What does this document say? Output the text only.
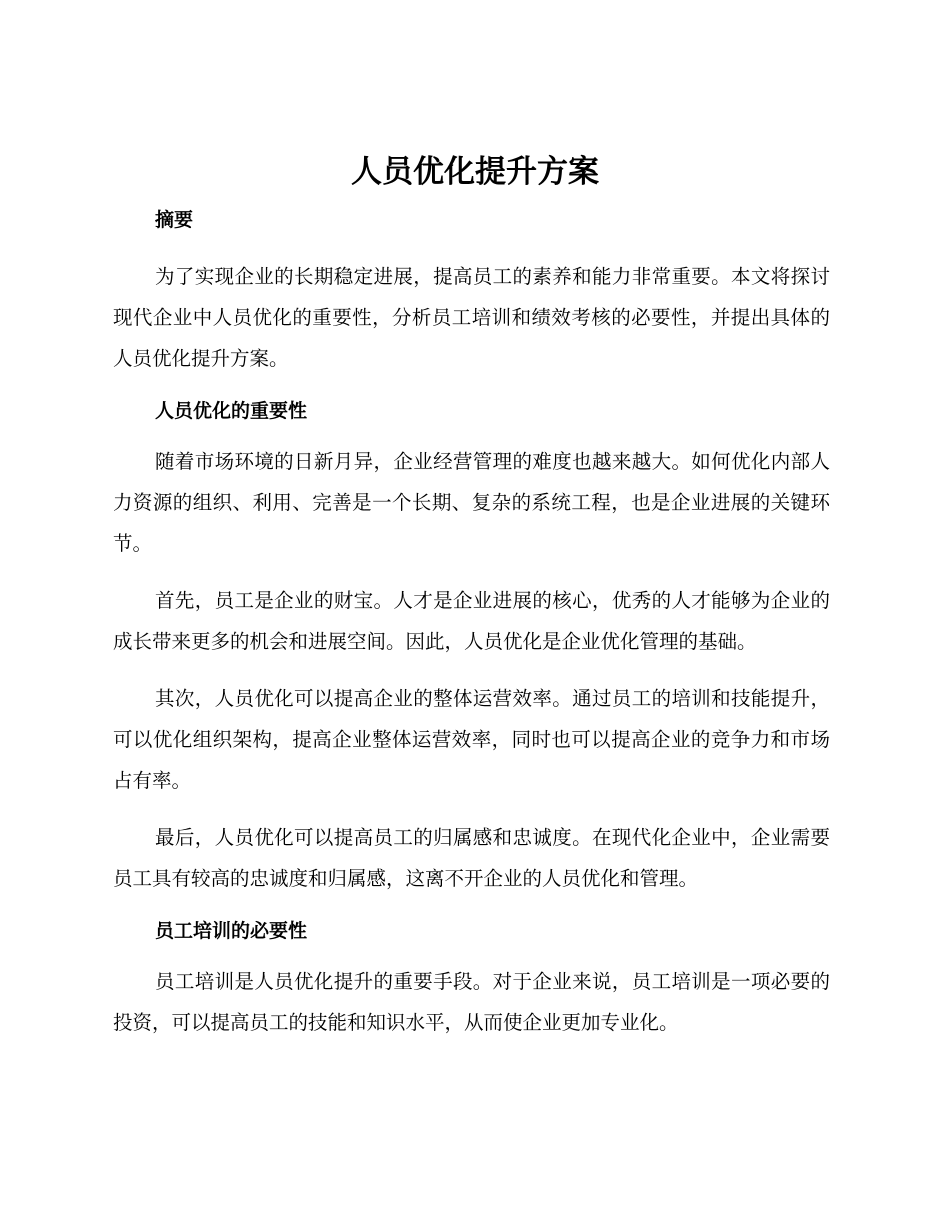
人员优化提升方案
摘要

为了实现企业的长期稳定进展，提高员工的素养和能力非常重要。本文将探讨现代企业中人员优化的重要性，分析员工培训和绩效考核的必要性，并提出具体的人员优化提升方案。

人员优化的重要性

随着市场环境的日新月异，企业经营管理的难度也越来越大。如何优化内部人力资源的组织、利用、完善是一个长期、复杂的系统工程，也是企业进展的关键环节。

首先，员工是企业的财宝。人才是企业进展的核心，优秀的人才能够为企业的成长带来更多的机会和进展空间。因此，人员优化是企业优化管理的基础。

其次，人员优化可以提高企业的整体运营效率。通过员工的培训和技能提升，可以优化组织架构，提高企业整体运营效率，同时也可以提高企业的竞争力和市场占有率。

最后，人员优化可以提高员工的归属感和忠诚度。在现代化企业中，企业需要员工具有较高的忠诚度和归属感，这离不开企业的人员优化和管理。

员工培训的必要性

员工培训是人员优化提升的重要手段。对于企业来说，员工培训是一项必要的投资，可以提高员工的技能和知识水平，从而使企业更加专业化。
